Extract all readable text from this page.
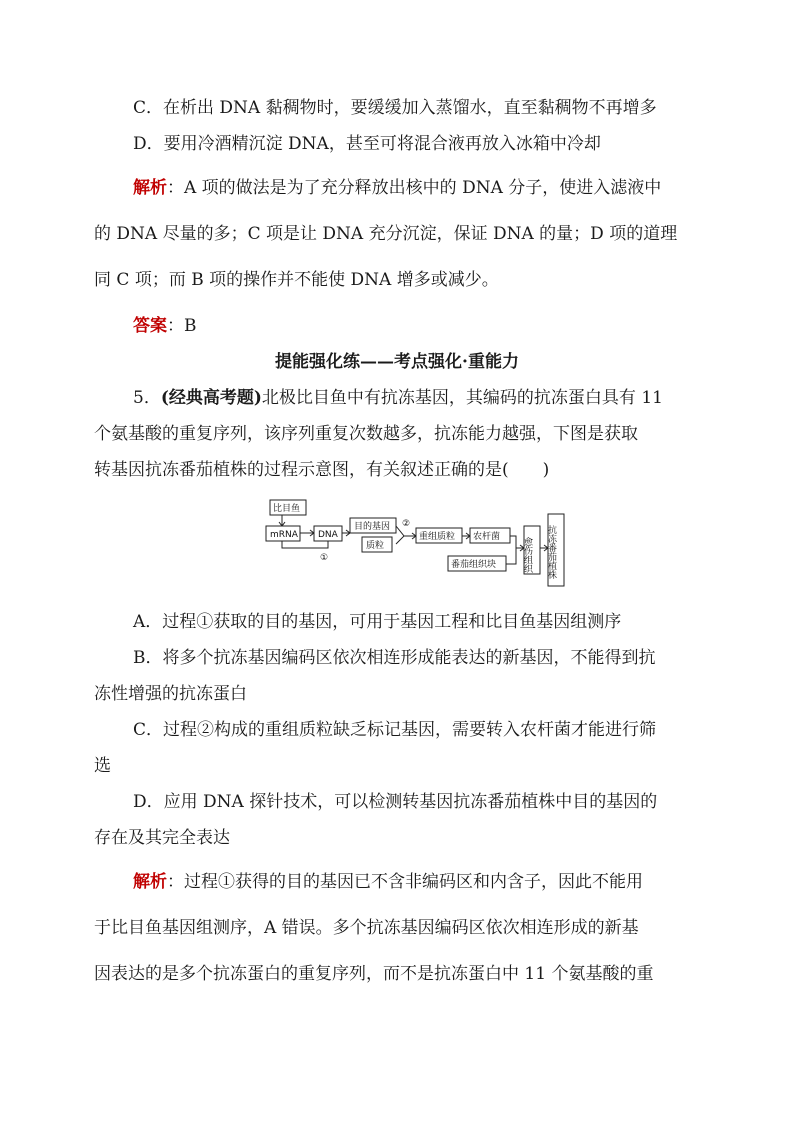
C．在析出 DNA 黏稠物时，要缓缓加入蒸馏水，直至黏稠物不再增多
D．要用冷酒精沉淀 DNA，甚至可将混合液再放入冰箱中冷却
解析：A 项的做法是为了充分释放出核中的 DNA 分子，使进入滤液中
的 DNA 尽量的多；C 项是让 DNA 充分沉淀，保证 DNA 的量；D 项的道理
同 C 项；而 B 项的操作并不能使 DNA 增多或减少。
答案：B
提能强化练——考点强化·重能力
5．(经典高考题)北极比目鱼中有抗冻基因，其编码的抗冻蛋白具有 11
个氨基酸的重复序列，该序列重复次数越多，抗冻能力越强，下图是获取
转基因抗冻番茄植株的过程示意图，有关叙述正确的是(　　)
比目鱼
mRNA DNA
①
目的基因
质粒
②
重组质粒 农杆菌
番茄组织块	愈伤组织 抗冻番茄植株
A．过程①获取的目的基因，可用于基因工程和比目鱼基因组测序
B．将多个抗冻基因编码区依次相连形成能表达的新基因，不能得到抗
冻性增强的抗冻蛋白
C．过程②构成的重组质粒缺乏标记基因，需要转入农杆菌才能进行筛
选
D．应用 DNA 探针技术，可以检测转基因抗冻番茄植株中目的基因的
存在及其完全表达
解析：过程①获得的目的基因已不含非编码区和内含子，因此不能用
于比目鱼基因组测序，A 错误。多个抗冻基因编码区依次相连形成的新基
因表达的是多个抗冻蛋白的重复序列，而不是抗冻蛋白中 11 个氨基酸的重
